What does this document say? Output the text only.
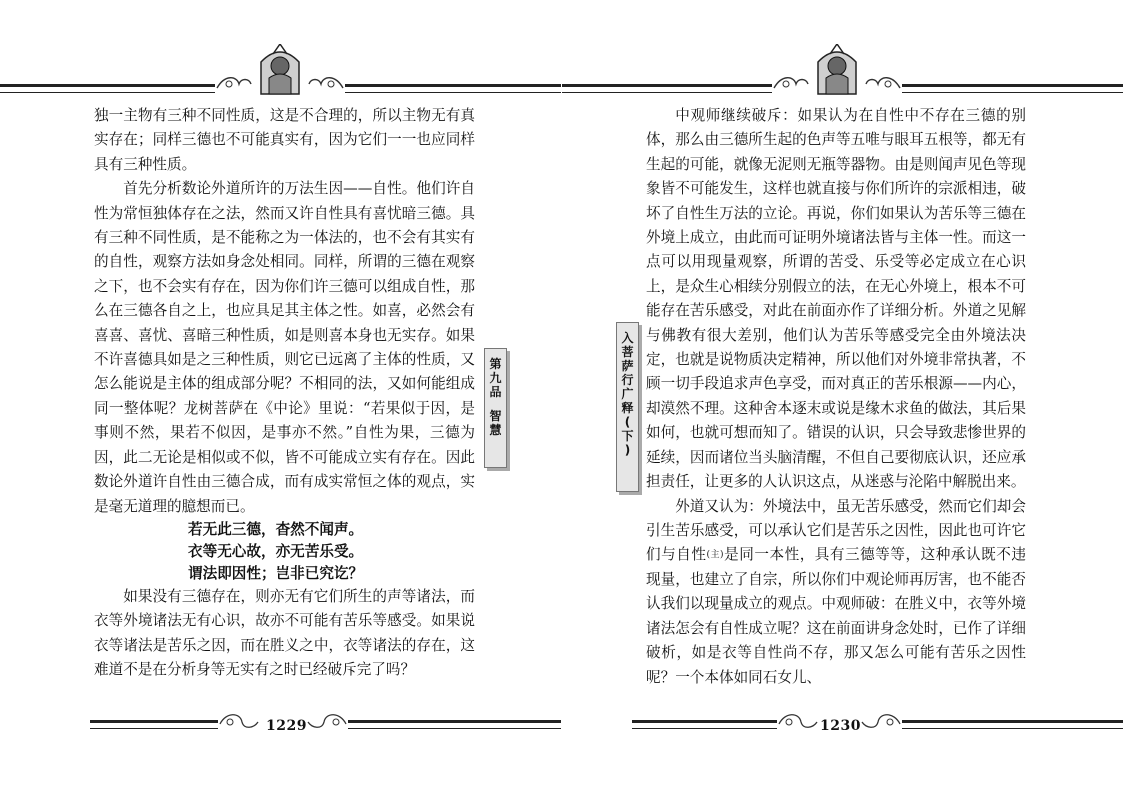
独一主物有三种不同性质，这是不合理的，所以主物无有真实存在；同样三德也不可能真实有，因为它们一一也应同样具有三种性质。

首先分析数论外道所许的万法生因——自性。他们许自性为常恒独体存在之法，然而又许自性具有喜忧暗三德。具有三种不同性质，是不能称之为一体法的，也不会有其实有的自性，观察方法如身念处相同。同样，所谓的三德在观察之下，也不会实有存在，因为你们许三德可以组成自性，那么在三德各自之上，也应具足其主体之性。如喜，必然会有喜喜、喜忧、喜暗三种性质，如是则喜本身也无实存。如果不许喜德具如是之三种性质，则它已远离了主体的性质，又怎么能说是主体的组成部分呢？不相同的法，又如何能组成同一整体呢？龙树菩萨在《中论》里说：“若果似于因，是事则不然，果若不似因，是事亦不然。”自性为果，三德为因，此二无论是相似或不似，皆不可能成立实有存在。因此数论外道许自性由三德合成，而有成实常恒之体的观点，实是毫无道理的臆想而已。

若无此三德，杳然不闻声。
衣等无心故，亦无苦乐受。
谓法即因性；岂非已究讫？

如果没有三德存在，则亦无有它们所生的声等诸法，而衣等外境诸法无有心识，故亦不可能有苦乐等感受。如果说衣等诸法是苦乐之因，而在胜义之中，衣等诸法的存在，这难道不是在分析身等无实有之时已经破斥完了吗？

第
九
品
智
慧
1229
入
菩
萨
行
广
释
(
下
)

中观师继续破斥：如果认为在自性中不存在三德的别体，那么由三德所生起的色声等五唯与眼耳五根等，都无有生起的可能，就像无泥则无瓶等器物。由是则闻声见色等现象皆不可能发生，这样也就直接与你们所许的宗派相违，破坏了自性生万法的立论。再说，你们如果认为苦乐等三德在外境上成立，由此而可证明外境诸法皆与主体一性。而这一点可以用现量观察，所谓的苦受、乐受等必定成立在心识上，是众生心相续分别假立的法，在无心外境上，根本不可能存在苦乐感受，对此在前面亦作了详细分析。外道之见解与佛教有很大差别，他们认为苦乐等感受完全由外境法决定，也就是说物质决定精神，所以他们对外境非常执著，不顾一切手段追求声色享受，而对真正的苦乐根源——内心，却漠然不理。这种舍本逐末或说是缘木求鱼的做法，其后果如何，也就可想而知了。错误的认识，只会导致悲惨世界的延续，因而诸位当头脑清醒，不但自己要彻底认识，还应承担责任，让更多的人认识这点，从迷惑与沦陷中解脱出来。

外道又认为：外境法中，虽无苦乐感受，然而它们却会引生苦乐感受，可以承认它们是苦乐之因性，因此也可许它们与自性(主)是同一本性，具有三德等等，这种承认既不违现量，也建立了自宗，所以你们中观论师再厉害，也不能否认我们以现量成立的观点。中观师破：在胜义中，衣等外境诸法怎会有自性成立呢？这在前面讲身念处时，已作了详细破析，如是衣等自性尚不存，那又怎么可能有苦乐之因性呢？一个本体如同石女儿、

1230
